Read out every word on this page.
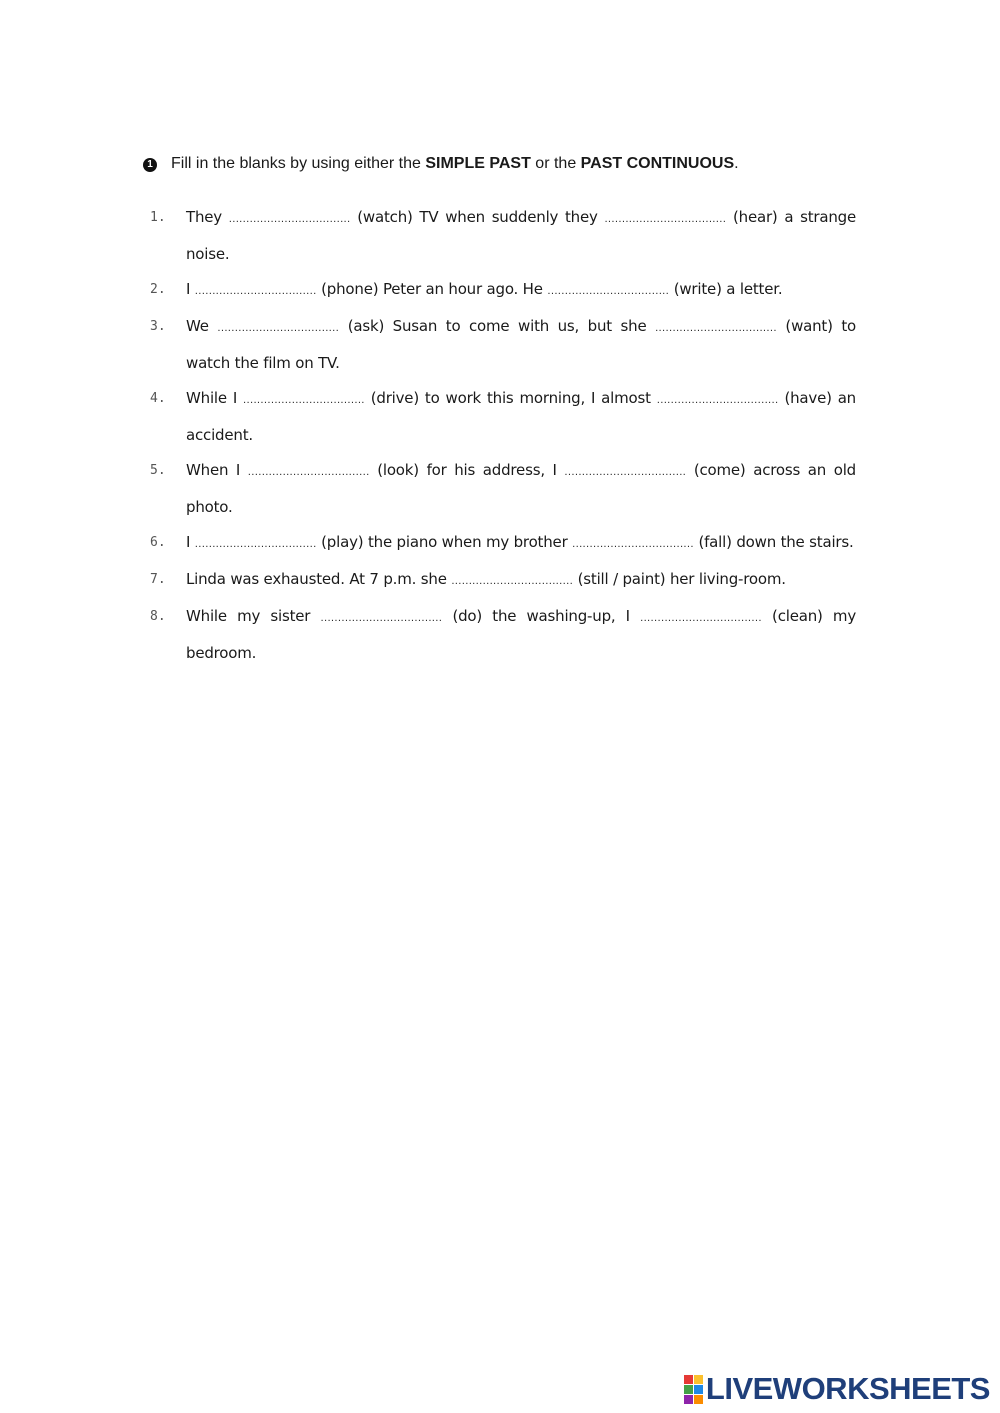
1 Fill in the blanks by using either the SIMPLE PAST or the PAST CONTINUOUS.
1.	They ................................... (watch) TV when suddenly they ................................... (hear) a strange noise.
2.	I ................................... (phone) Peter an hour ago. He ................................... (write) a letter.
3.	We ................................... (ask) Susan to come with us, but she ................................... (want) to watch the film on TV.
4.	While I ................................... (drive) to work this morning, I almost ................................... (have) an accident.
5.	When I ................................... (look) for his address, I ................................... (come) across an old photo.
6.	I ................................... (play) the piano when my brother ................................... (fall) down the stairs.
7.	Linda was exhausted. At 7 p.m. she ................................... (still / paint) her living-room.
8.	While my sister ................................... (do) the washing-up, I ................................... (clean) my bedroom.
LIVEWORKSHEETS
